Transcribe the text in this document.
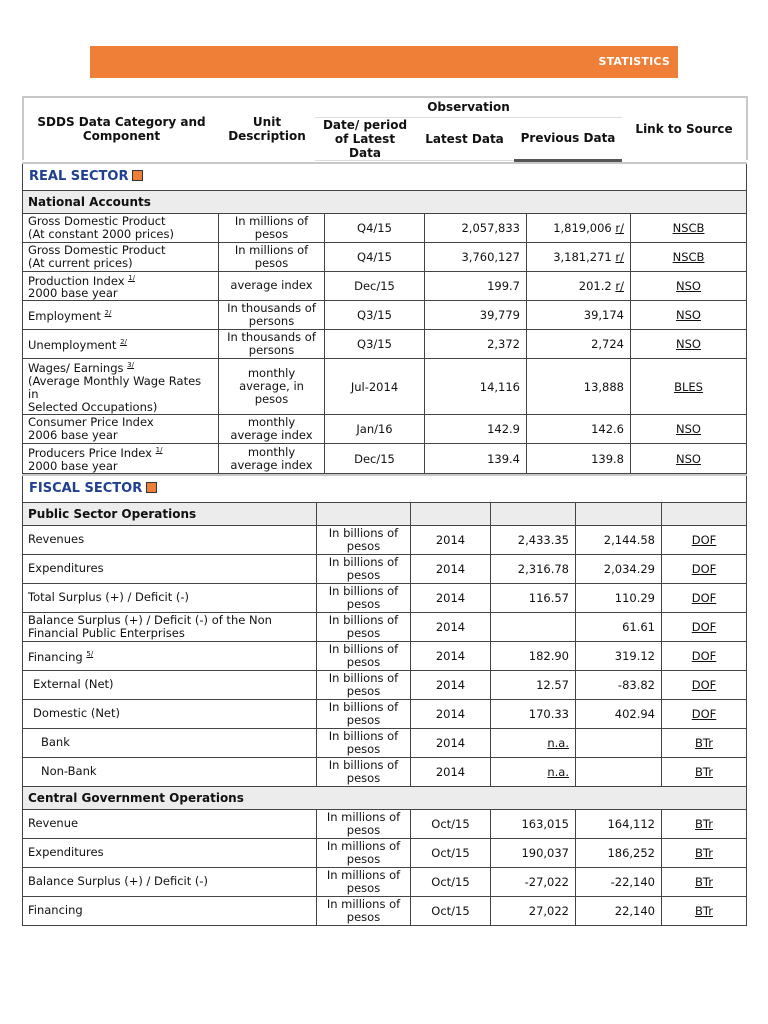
STATISTICS
SDDS Data Category and Component	Unit Description	Observation			Link to Source
		Date/ period of Latest Data	Latest Data	Previous Data	
REAL SECTOR					
National Accounts					
Gross Domestic Product
(At constant 2000 prices)	In millions of pesos	Q4/15	2,057,833	1,819,006 r/	NSCB
Gross Domestic Product
(At current prices)	In millions of pesos	Q4/15	3,760,127	3,181,271 r/	NSCB
Production Index $^{1/}$
2000 base year	average index	Dec/15	199.7	201.2 r/	NSO
Employment $^{2/}$	In thousands of persons	Q3/15	39,779	39,174	NSO
Unemployment $^{2/}$	In thousands of persons	Q3/15	2,372	2,724	NSO
Wages/ Earnings $^{3/}$
(Average Monthly Wage Rates in
Selected Occupations)	monthly average, in pesos	Jul-2014	14,116	13,888	BLES
Consumer Price Index
2006 base year	monthly average index	Jan/16	142.9	142.6	NSO
Producers Price Index $^{1/}$
2000 base year	monthly average index	Dec/15	139.4	139.8	NSO
FISCAL SECTOR					
Public Sector Operations					
Revenues	In billions of pesos	2014	2,433.35	2,144.58	DOF
Expenditures	In billions of pesos	2014	2,316.78	2,034.29	DOF
Total Surplus (+) / Deficit (-)	In billions of pesos	2014	116.57	110.29	DOF
Balance Surplus (+) / Deficit (-) of the Non
Financial Public Enterprises	In billions of pesos	2014		61.61	DOF
Financing $^{5/}$	In billions of pesos	2014	182.90	319.12	DOF
External (Net)	In billions of pesos	2014	12.57	-83.82	DOF
Domestic (Net)	In billions of pesos	2014	170.33	402.94	DOF
Bank	In billions of pesos	2014	n.a.		BTr
Non-Bank	In billions of pesos	2014	n.a.		BTr
Central Government Operations					
Revenue	In millions of pesos	Oct/15	163,015	164,112	BTr
Expenditures	In millions of pesos	Oct/15	190,037	186,252	BTr
Balance Surplus (+) / Deficit (-)	In millions of pesos	Oct/15	-27,022	-22,140	BTr
Financing	In millions of pesos	Oct/15	27,022	22,140	BTr
